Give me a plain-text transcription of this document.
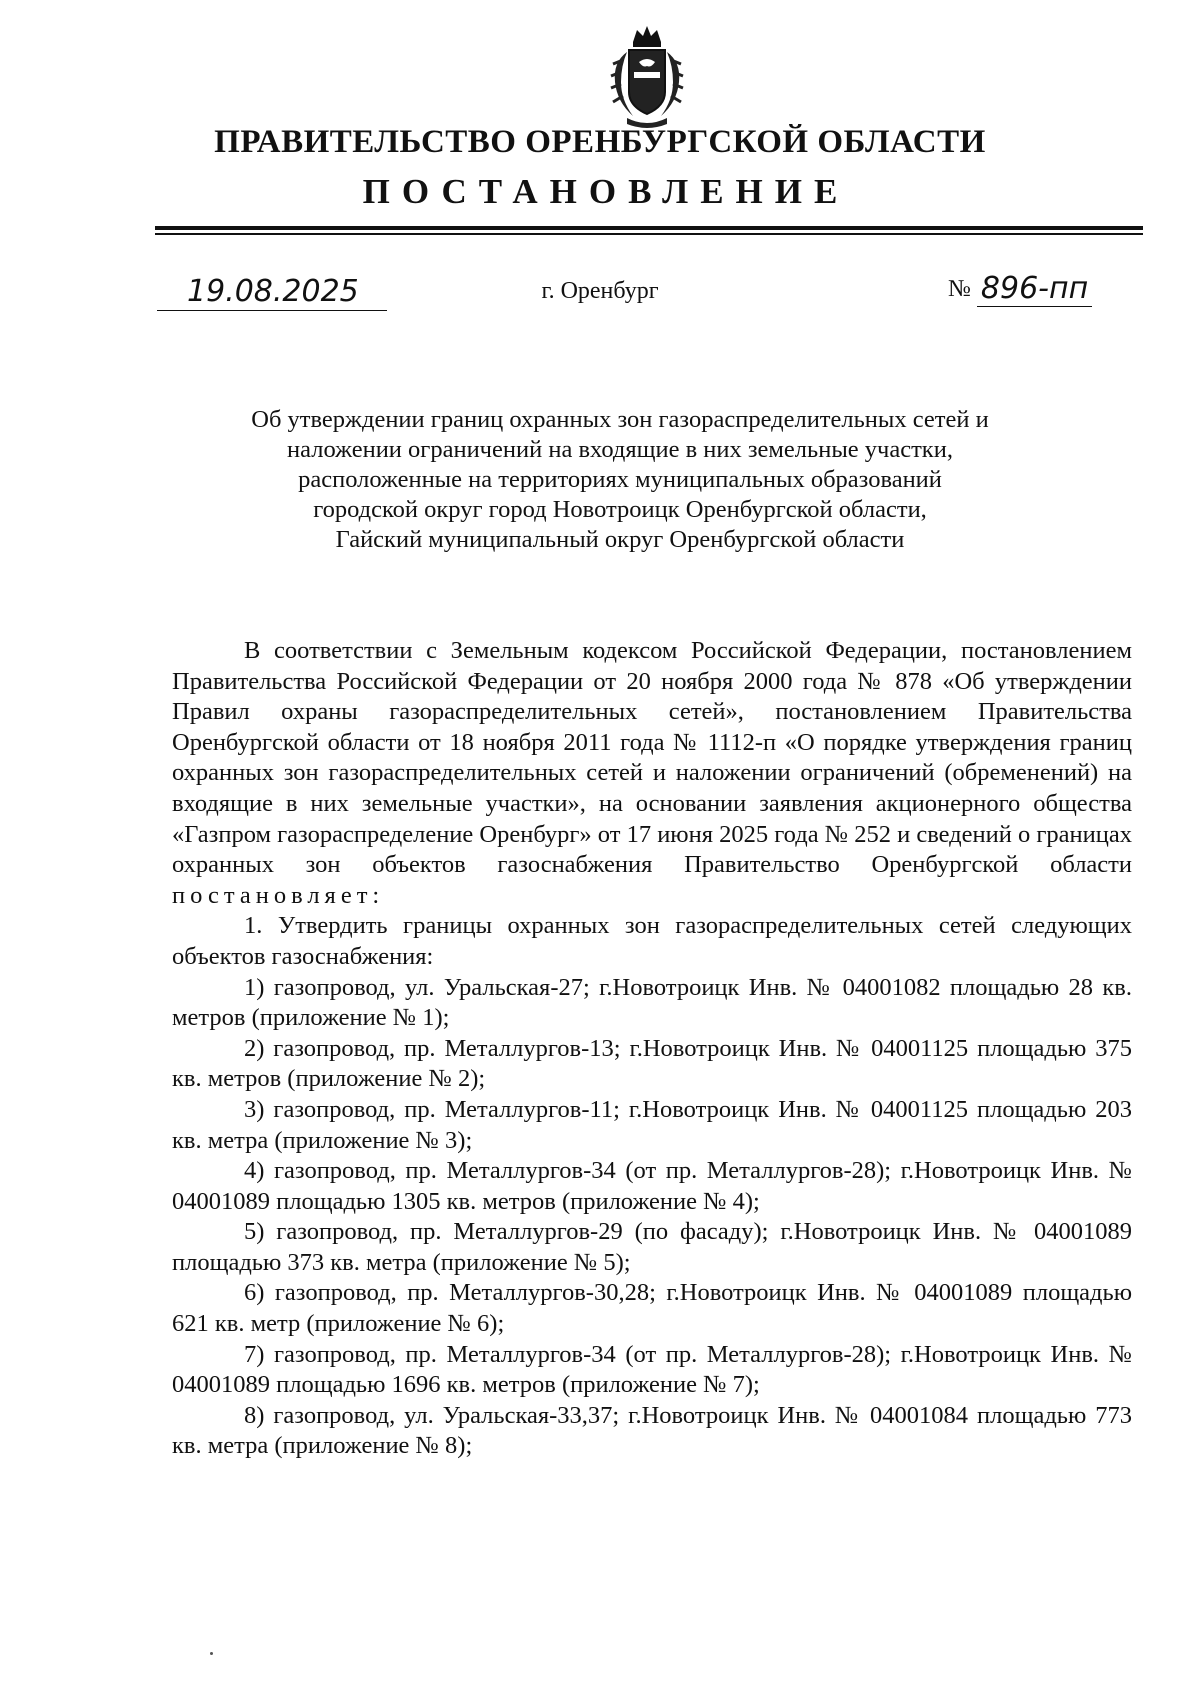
ПРАВИТЕЛЬСТВО ОРЕНБУРГСКОЙ ОБЛАСТИ
ПОСТАНОВЛЕНИЕ
19.08.2025	г. Оренбург	№ 896-пп
Об утверждении границ охранных зон газораспределительных сетей и
наложении ограничений на входящие в них земельные участки,
расположенные на территориях муниципальных образований
городской округ город Новотроицк Оренбургской области,
Гайский муниципальный округ Оренбургской области

В соответствии с Земельным кодексом Российской Федерации, постановлением Правительства Российской Федерации от 20 ноября 2000 года № 878 «Об утверждении Правил охраны газораспределительных сетей», постановлением Правительства Оренбургской области от 18 ноября 2011 года № 1112-п «О порядке утверждения границ охранных зон газораспределительных сетей и наложении ограничений (обременений) на входящие в них земельные участки», на основании заявления акционерного общества «Газпром газораспределение Оренбург» от 17 июня 2025 года № 252 и сведений о границах охранных зон объектов газоснабжения Правительство Оренбургской области постановляет:

1. Утвердить границы охранных зон газораспределительных сетей следующих объектов газоснабжения:

1) газопровод, ул. Уральская-27; г.Новотроицк Инв. № 04001082 площадью 28 кв. метров (приложение № 1);

2) газопровод, пр. Металлургов-13; г.Новотроицк Инв. № 04001125 площадью 375 кв. метров (приложение № 2);

3) газопровод, пр. Металлургов-11; г.Новотроицк Инв. № 04001125 площадью 203 кв. метра (приложение № 3);

4) газопровод, пр. Металлургов-34 (от пр. Металлургов-28); г.Новотроицк Инв. № 04001089 площадью 1305 кв. метров (приложение № 4);

5) газопровод, пр. Металлургов-29 (по фасаду); г.Новотроицк Инв. № 04001089 площадью 373 кв. метра (приложение № 5);

6) газопровод, пр. Металлургов-30,28; г.Новотроицк Инв. № 04001089 площадью 621 кв. метр (приложение № 6);

7) газопровод, пр. Металлургов-34 (от пр. Металлургов-28); г.Новотроицк Инв. № 04001089 площадью 1696 кв. метров (приложение № 7);

8) газопровод, ул. Уральская-33,37; г.Новотроицк Инв. № 04001084 площадью 773 кв. метра (приложение № 8);
